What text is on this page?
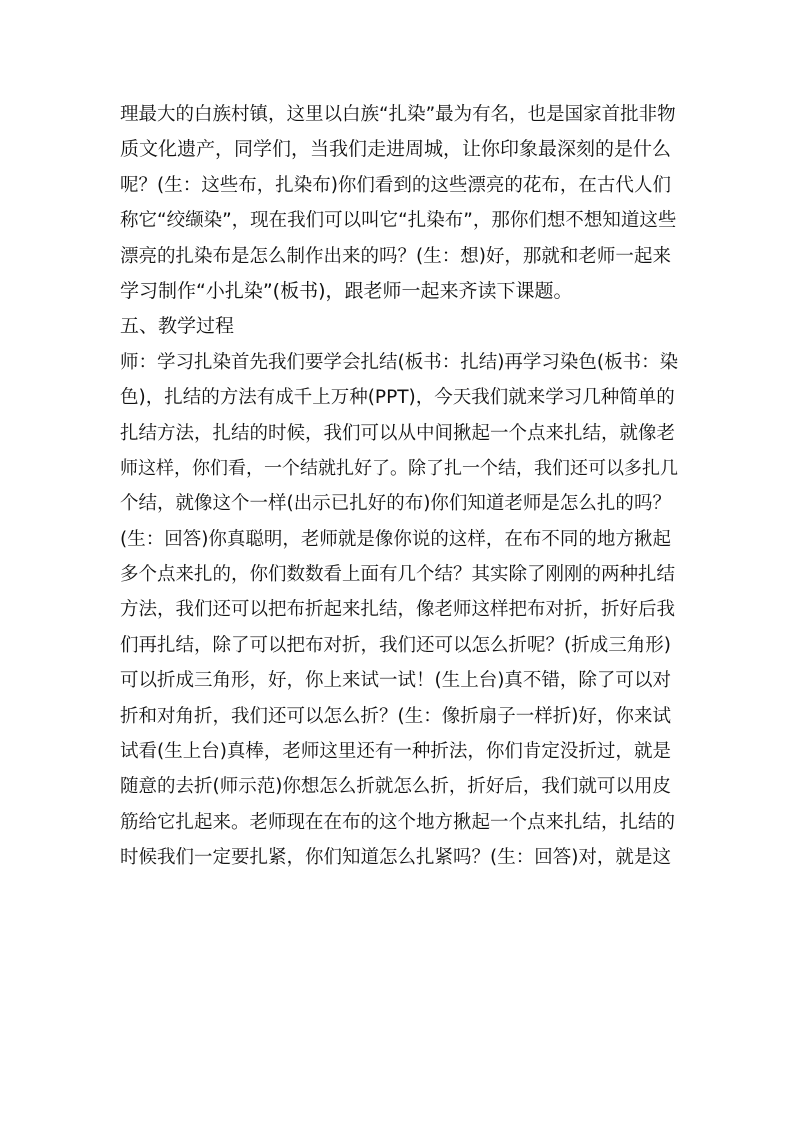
理最大的白族村镇，这里以白族“扎染”最为有名，也是国家首批非物
质文化遗产，同学们，当我们走进周城，让你印象最深刻的是什么
呢？(生：这些布，扎染布)你们看到的这些漂亮的花布，在古代人们
称它“绞缬染”，现在我们可以叫它“扎染布”，那你们想不想知道这些
漂亮的扎染布是怎么制作出来的吗？(生：想)好，那就和老师一起来
学习制作“小扎染”(板书)，跟老师一起来齐读下课题。
五、教学过程
师：学习扎染首先我们要学会扎结(板书：扎结)再学习染色(板书：染
色)，扎结的方法有成千上万种(PPT)，今天我们就来学习几种简单的
扎结方法，扎结的时候，我们可以从中间揪起一个点来扎结，就像老
师这样，你们看，一个结就扎好了。除了扎一个结，我们还可以多扎几
个结，就像这个一样(出示已扎好的布)你们知道老师是怎么扎的吗？
(生：回答)你真聪明，老师就是像你说的这样，在布不同的地方揪起
多个点来扎的，你们数数看上面有几个结？其实除了刚刚的两种扎结
方法，我们还可以把布折起来扎结，像老师这样把布对折，折好后我
们再扎结，除了可以把布对折，我们还可以怎么折呢？(折成三角形)
可以折成三角形，好，你上来试一试！(生上台)真不错，除了可以对
折和对角折，我们还可以怎么折？(生：像折扇子一样折)好，你来试
试看(生上台)真棒，老师这里还有一种折法，你们肯定没折过，就是
随意的去折(师示范)你想怎么折就怎么折，折好后，我们就可以用皮
筋给它扎起来。老师现在在布的这个地方揪起一个点来扎结，扎结的
时候我们一定要扎紧，你们知道怎么扎紧吗？(生：回答)对，就是这
